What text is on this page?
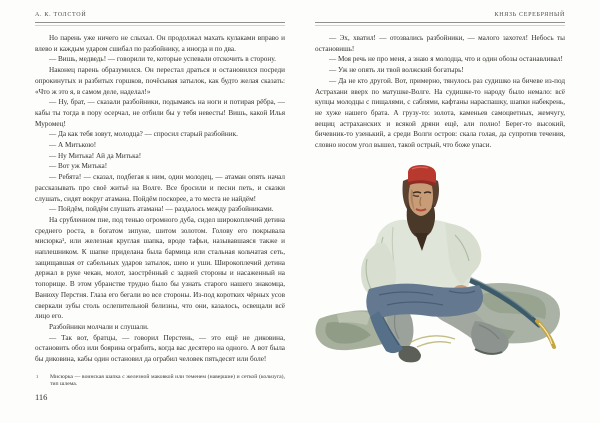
А. К. ТОЛСТОЙ

Но парень уже ничего не слыхал. Он продолжал махать кулаками вправо и влево и каждым ударом сшибал по разбойнику, а иногда и по два.

— Вишь, медведь! — говорили те, которые успевали отскочить в сторону.

Наконец парень образумился. Он перестал драться и остановился посреди опрокинутых и разбитых горшков, почёсывая затылок, как будто желая сказать: «Что ж это я, в самом деле, наделал!»

— Ну, брат, — сказали разбойники, подымаясь на ноги и потирая рёбра, — кабы ты тогда в пору осерчал, не отбили бы у тебя невесты! Вишь, какой Илья Муромец!

— Да как тебя зовут, молодца? — спросил старый разбойник.

— А Митькою!

— Ну Митька! Ай да Митька!

— Вот уж Митька!

— Ребята! — сказал, подбегая к ним, один молодец, — атаман опять начал рассказывать про своё житьё на Волге. Все бросили и песни петь, и сказки слушать, сидят вокруг атамана. Пойдём поскорее, а то места не найдём!

— Пойдём, пойдём слушать атамана! — раздалось между разбойниками.

На срубленном пне, под тенью огромного дуба, сидел широкоплечий детина среднего роста, в богатом зипуне, шитом золотом. Голову его покрывала мисюрка¹, или железная круглая шапка, вроде тафьи, называвшаяся также и наплешником. К шапке приделана была бармица или стальная кольчатая сеть, защищавшая от сабельных ударов затылок, шею и уши. Широкоплечий детина держал в руке чекан, молот, заострённый с задней стороны и насаженный на топорище. В этом убранстве трудно было бы узнать старого нашего знакомца, Ванюху Перстня. Глаза его бегали во все стороны. Из-под коротких чёрных усов сверкали зубы столь ослепительной белизны, что они, казалось, освещали всё лицо его.

Разбойники молчали и слушали.

— Так вот, братцы, — говорил Перстень, — это ещё не диковина, остановить обоз или боярина ограбить, когда вас десятеро на одного. А вот была бы диковина, кабы один остановил да ограбил человек пятьдесят или боле!

1	Мисюрка — воинская шапка с железной маковкой или теменем (навершие) и сеткой (кольчуга), тип шлема.
116
КНЯЗЬ СЕРЕБРЯНЫЙ

— Эх, хватил! — отозвались разбойники, — малого захотел! Небось ты остановишь!

— Моя речь не про меня, а знаю я молодца, что и один обозы останавливал!

— Уж не опять ли твой волжский богатырь!

— Да не кто другой. Вот, примерно, тянулось раз судишко на бичеве из-под Астрахани вверх по матушке-Волге. На судишке-то народу было немало: всё купцы молодцы с пищалями, с саблями, кафтаны нараспашку, шапки набекрень, не хуже нашего брата. А грузу-то: золота, каменьев самоцветных, жемчугу, вещиц астраханских и всякой дряни ещё, али полно! Берег-то высокий, бичевник-то узенький, а среди Волги остров: скала голая, да супротив течения, словно носом угол вышел, такой острый, что боже упаси.
